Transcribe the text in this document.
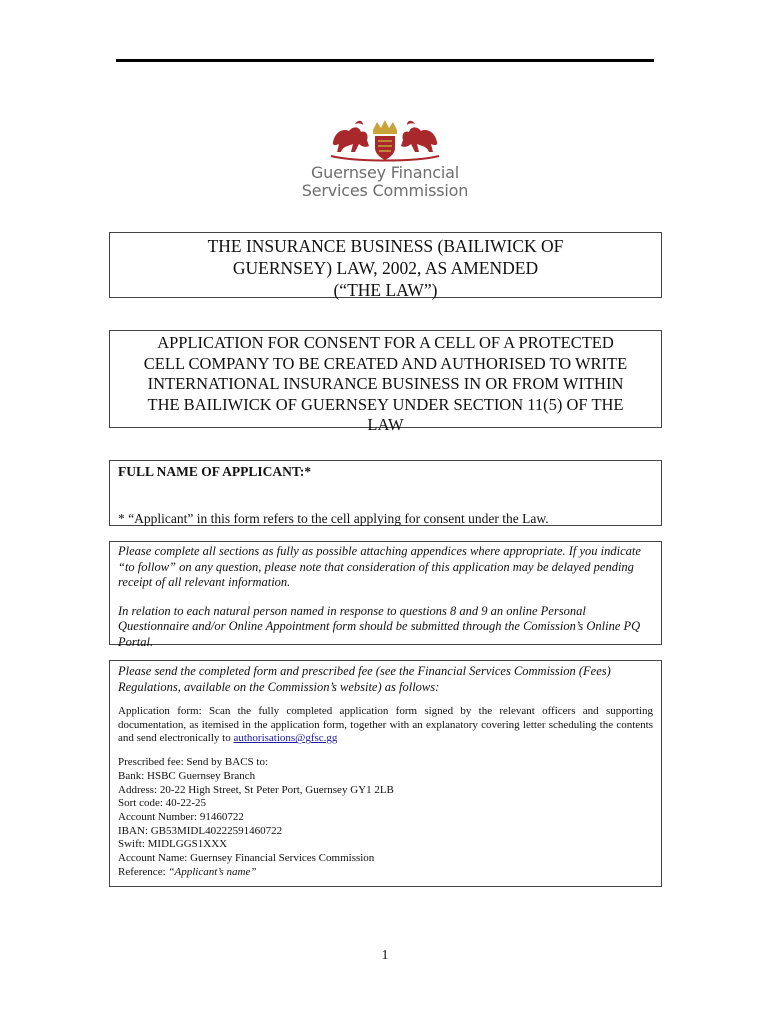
Guernsey Financial
Services Commission
THE INSURANCE BUSINESS (BAILIWICK OF
GUERNSEY) LAW, 2002, AS AMENDED
(“THE LAW”)
APPLICATION FOR CONSENT FOR A CELL OF A PROTECTED
CELL COMPANY TO BE CREATED AND AUTHORISED TO WRITE
INTERNATIONAL INSURANCE BUSINESS IN OR FROM WITHIN
THE BAILIWICK OF GUERNSEY UNDER SECTION 11(5) OF THE
LAW
FULL NAME OF APPLICANT:*
* “Applicant” in this form refers to the cell applying for consent under the Law.

Please complete all sections as fully as possible attaching appendices where appropriate. If you indicate “to follow” on any question, please note that consideration of this application may be delayed pending receipt of all relevant information.

In relation to each natural person named in response to questions 8 and 9 an online Personal Questionnaire and/or Online Appointment form should be submitted through the Comission’s Online PQ Portal.

Please send the completed form and prescribed fee (see the Financial Services Commission (Fees) Regulations, available on the Commission’s website) as follows:

Application form: Scan the fully completed application form signed by the relevant officers and supporting documentation, as itemised in the application form, together with an explanatory covering letter scheduling the contents and send electronically to authorisations@gfsc.gg

Prescribed fee: Send by BACS to:

Bank: HSBC Guernsey Branch

Address: 20-22 High Street, St Peter Port, Guernsey GY1 2LB

Sort code: 40-22-25

Account Number: 91460722

IBAN: GB53MIDL40222591460722

Swift: MIDLGGS1XXX

Account Name: Guernsey Financial Services Commission

Reference: “Applicant’s name”

1
